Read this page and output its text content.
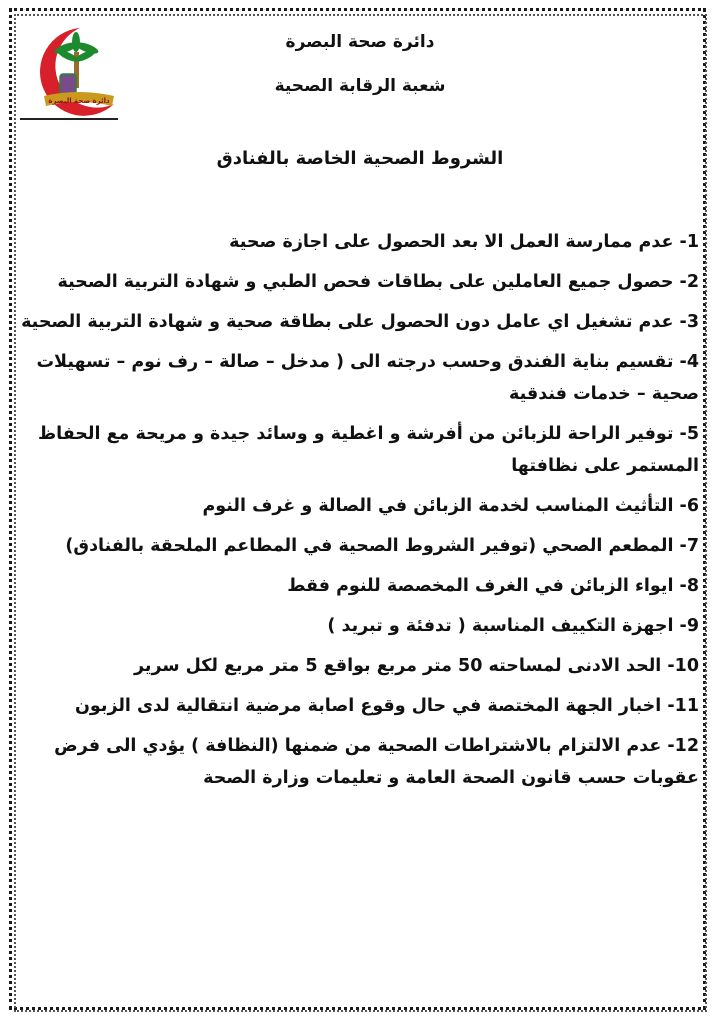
دائرة صحة البصرة
دائرة صحة البصرة
شعبة الرقابة الصحية
الشروط الصحية الخاصة بالفنادق
1- عدم ممارسة العمل الا بعد الحصول على اجازة صحية
2- حصول جميع العاملين على بطاقات فحص الطبي و شهادة التربية الصحية
3- عدم تشغيل اي عامل دون الحصول على بطاقة صحية و شهادة التربية الصحية
4- تقسيم بناية الفندق وحسب درجته الى ( مدخل – صالة – رف نوم – تسهيلات صحية – خدمات فندقية
5- توفير الراحة للزبائن من أفرشة و اغطية و وسائد جيدة و مريحة مع الحفاظ المستمر على نظافتها
6- التأثيث المناسب لخدمة الزبائن في الصالة و غرف النوم
7- المطعم الصحي (توفير الشروط الصحية في المطاعم الملحقة بالفنادق)
8- ايواء الزبائن في الغرف المخصصة للنوم فقط
9- اجهزة التكييف المناسبة ( تدفئة و تبريد )
10- الحد الادنى لمساحته 50 متر مربع بواقع 5 متر مربع لكل سرير
11- اخبار الجهة المختصة في حال وقوع اصابة مرضية انتقالية لدى الزبون
12- عدم الالتزام بالاشتراطات الصحية من ضمنها (النظافة ) يؤدي الى فرض عقوبات حسب قانون الصحة العامة و تعليمات وزارة الصحة
